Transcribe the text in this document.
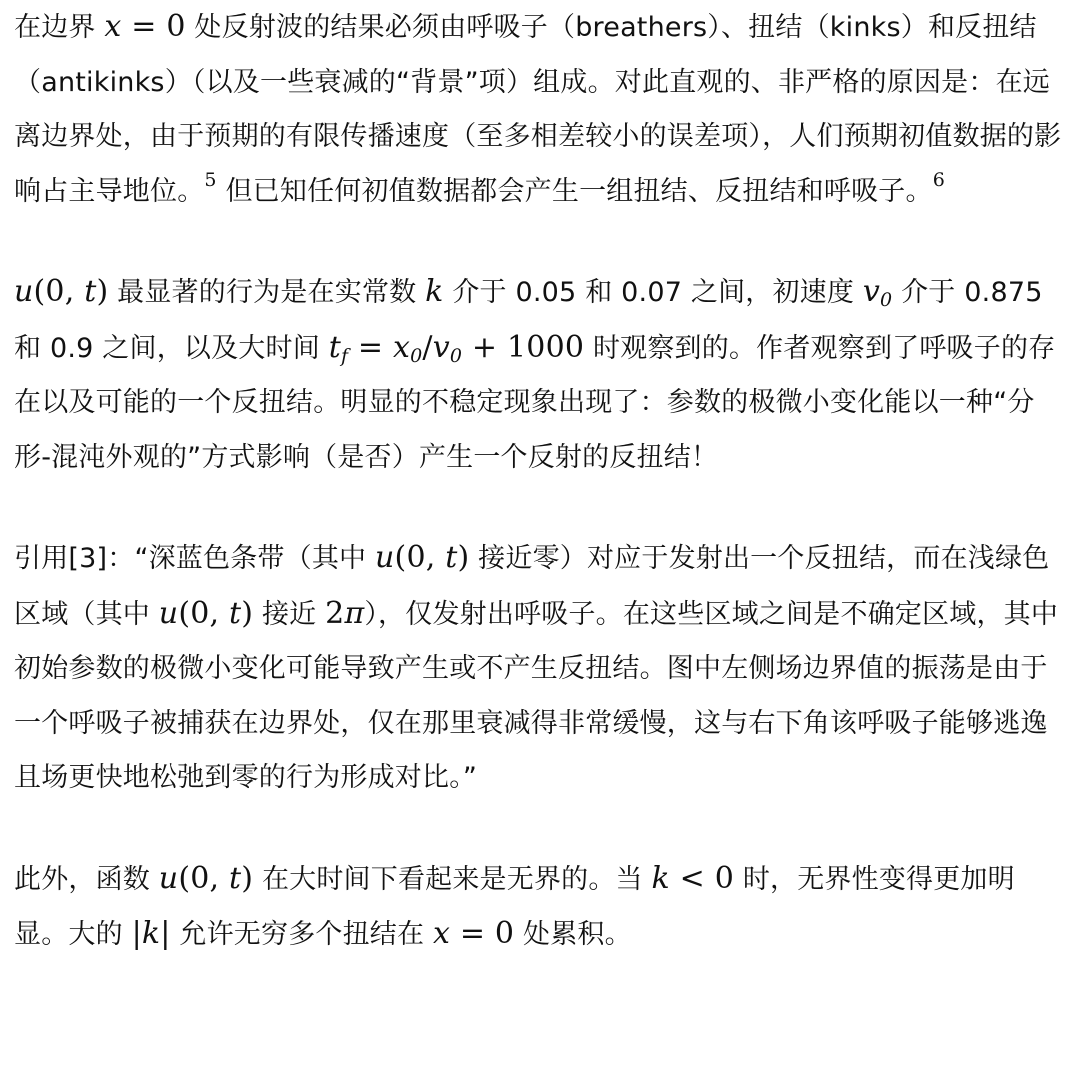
在边界 x = 0 处反射波的结果必须由呼吸子（breathers）、扭结（kinks）和反扭结（antikinks）（以及一些衰减的“背景”项）组成。对此直观的、非严格的原因是：在远离边界处，由于预期的有限传播速度（至多相差较小的误差项），人们预期初值数据的影响占主导地位。$^5$ 但已知任何初值数据都会产生一组扭结、反扭结和呼吸子。$^6$

u(0, t) 最显著的行为是在实常数 k 介于 0.05 和 0.07 之间，初速度 $v_0$ 介于 0.875 和 0.9 之间，以及大时间 $t_f = x_0/v_0 + 1000$ 时观察到的。作者观察到了呼吸子的存在以及可能的一个反扭结。明显的不稳定现象出现了：参数的极微小变化能以一种“分形-混沌外观的”方式影响（是否）产生一个反射的反扭结！

引用[3]：“深蓝色条带（其中 u(0, t) 接近零）对应于发射出一个反扭结，而在浅绿色区域（其中 u(0, t) 接近 2π），仅发射出呼吸子。在这些区域之间是不确定区域，其中初始参数的极微小变化可能导致产生或不产生反扭结。图中左侧场边界值的振荡是由于一个呼吸子被捕获在边界处，仅在那里衰减得非常缓慢，这与右下角该呼吸子能够逃逸且场更快地松弛到零的行为形成对比。”

此外，函数 u(0, t) 在大时间下看起来是无界的。当 k < 0 时，无界性变得更加明显。大的 |k| 允许无穷多个扭结在 x = 0 处累积。
